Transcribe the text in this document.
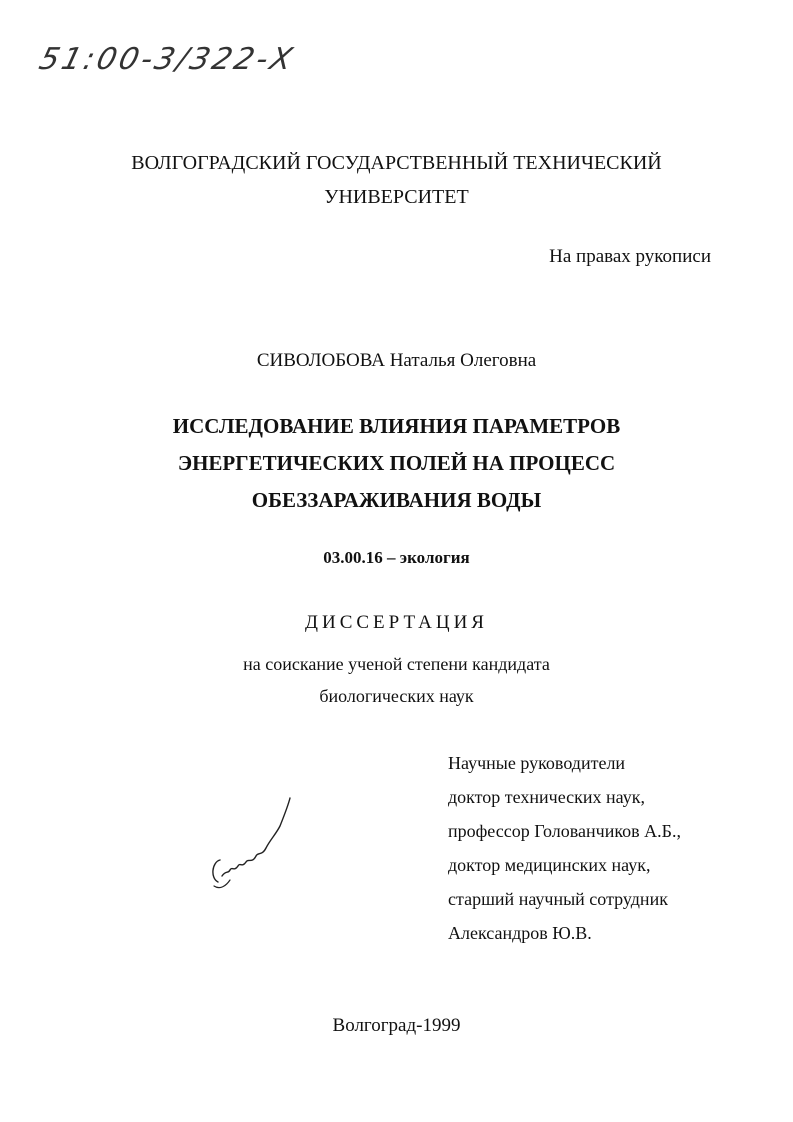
51:00-3/322-Х
ВОЛГОГРАДСКИЙ ГОСУДАРСТВЕННЫЙ ТЕХНИЧЕСКИЙ
УНИВЕРСИТЕТ
На правах рукописи
СИВОЛОБОВА Наталья Олеговна
ИССЛЕДОВАНИЕ ВЛИЯНИЯ ПАРАМЕТРОВ
ЭНЕРГЕТИЧЕСКИХ ПОЛЕЙ НА ПРОЦЕСС
ОБЕЗЗАРАЖИВАНИЯ ВОДЫ
03.00.16 – экология
ДИССЕРТАЦИЯ
на соискание ученой степени кандидата
биологических наук
Научные руководители
доктор технических наук,
профессор Голованчиков А.Б.,
доктор медицинских наук,
старший научный сотрудник
Александров Ю.В.
Волгоград-1999
